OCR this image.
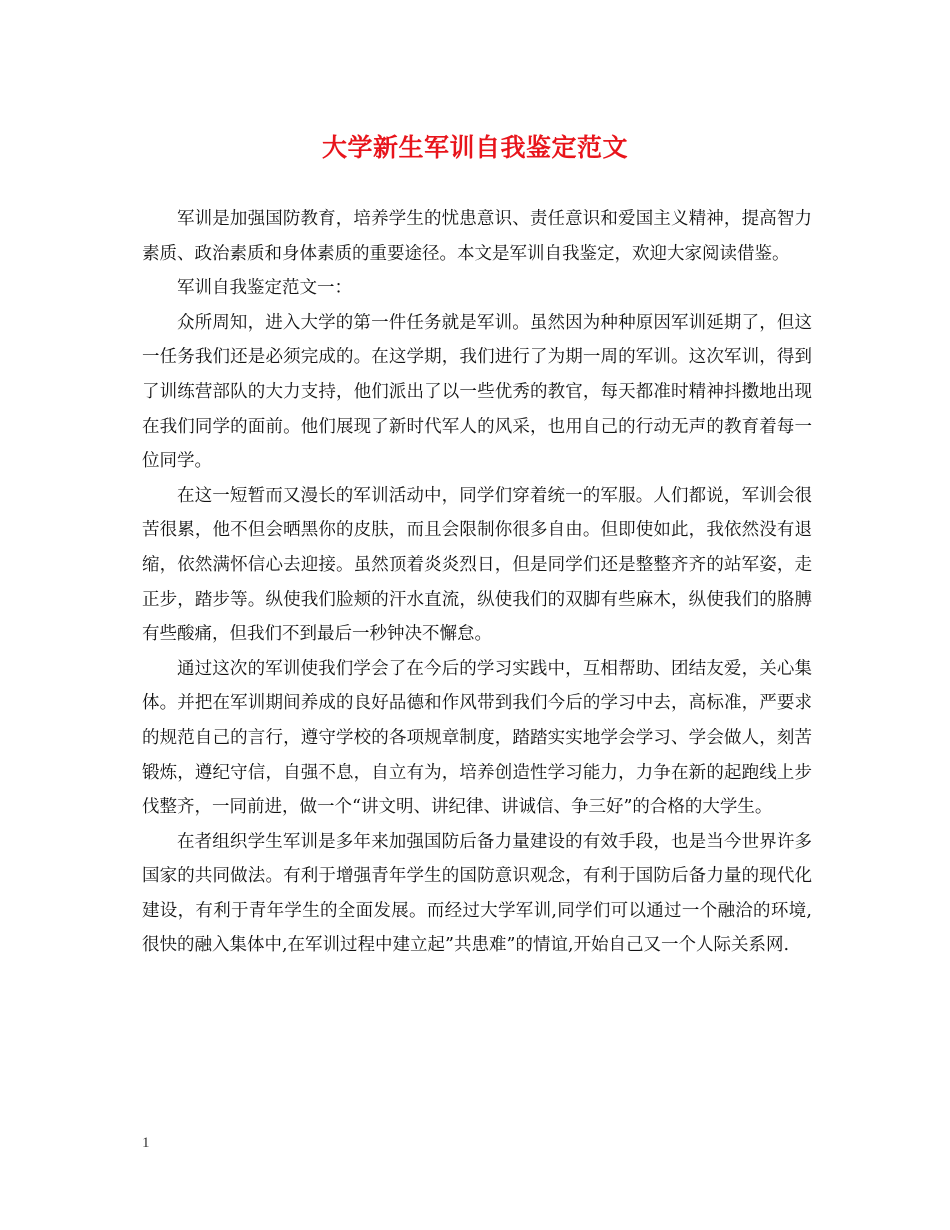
大学新生军训自我鉴定范文

军训是加强国防教育，培养学生的忧患意识、责任意识和爱国主义精神，提高智力素质、政治素质和身体素质的重要途径。本文是军训自我鉴定，欢迎大家阅读借鉴。

军训自我鉴定范文一：

众所周知，进入大学的第一件任务就是军训。虽然因为种种原因军训延期了，但这一任务我们还是必须完成的。在这学期，我们进行了为期一周的军训。这次军训，得到了训练营部队的大力支持，他们派出了以一些优秀的教官，每天都准时精神抖擞地出现在我们同学的面前。他们展现了新时代军人的风采，也用自己的行动无声的教育着每一位同学。

在这一短暂而又漫长的军训活动中，同学们穿着统一的军服。人们都说，军训会很苦很累，他不但会晒黑你的皮肤，而且会限制你很多自由。但即使如此，我依然没有退缩，依然满怀信心去迎接。虽然顶着炎炎烈日，但是同学们还是整整齐齐的站军姿，走正步，踏步等。纵使我们脸颊的汗水直流，纵使我们的双脚有些麻木，纵使我们的胳膊有些酸痛，但我们不到最后一秒钟决不懈怠。

通过这次的军训使我们学会了在今后的学习实践中，互相帮助、团结友爱，关心集体。并把在军训期间养成的良好品德和作风带到我们今后的学习中去，高标准，严要求的规范自己的言行，遵守学校的各项规章制度，踏踏实实地学会学习、学会做人，刻苦锻炼，遵纪守信，自强不息，自立有为，培养创造性学习能力，力争在新的起跑线上步伐整齐，一同前进，做一个“讲文明、讲纪律、讲诚信、争三好”的合格的大学生。

在者组织学生军训是多年来加强国防后备力量建设的有效手段，也是当今世界许多国家的共同做法。有利于增强青年学生的国防意识观念，有利于国防后备力量的现代化建设，有利于青年学生的全面发展。而经过大学军训,同学们可以通过一个融洽的环境,很快的融入集体中,在军训过程中建立起”共患难”的情谊,开始自己又一个人际关系网.

1
